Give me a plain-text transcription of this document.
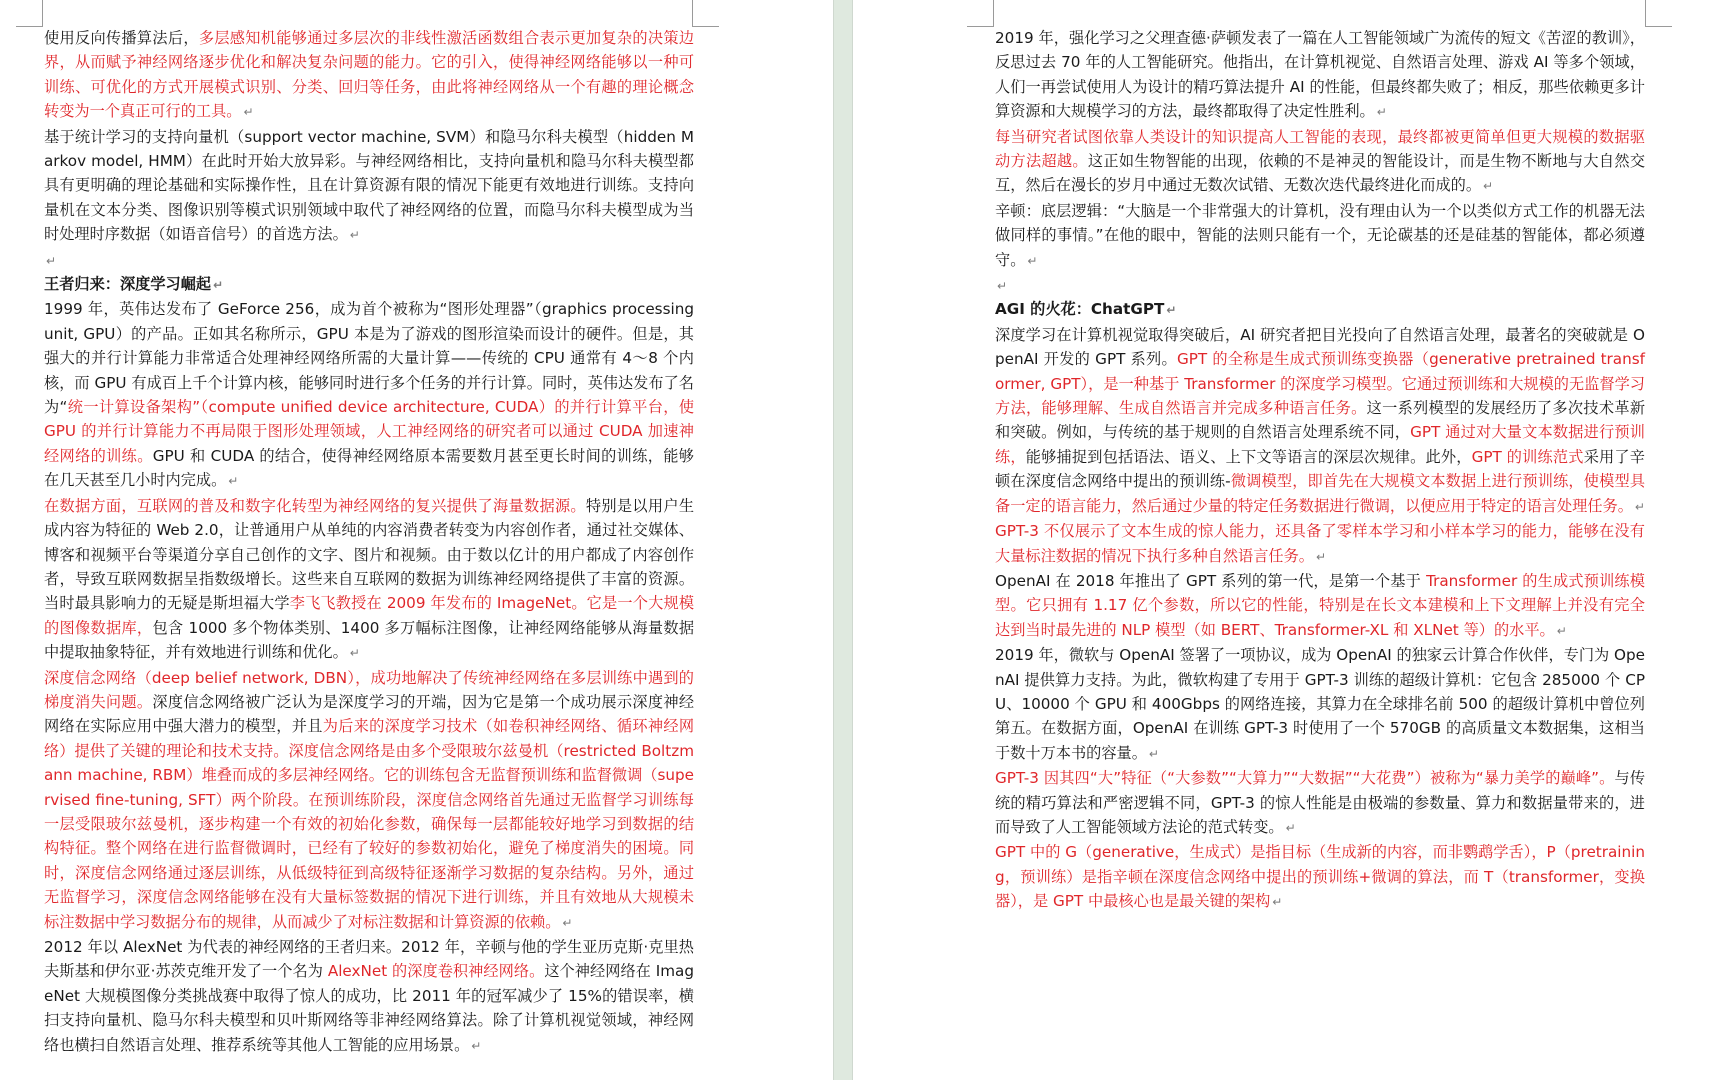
使用反向传播算法后，多层感知机能够通过多层次的非线性激活函数组合表示更加复杂的决策边界，从而赋予神经网络逐步优化和解决复杂问题的能力。它的引入，使得神经网络能够以一种可训练、可优化的方式开展模式识别、分类、回归等任务，由此将神经网络从一个有趣的理论概念转变为一个真正可行的工具。 ↵

基于统计学习的支持向量机（support vector machine, SVM）和隐马尔科夫模型（hidden Markov model, HMM）在此时开始大放异彩。与神经网络相比，支持向量机和隐马尔科夫模型都具有更明确的理论基础和实际操作性，且在计算资源有限的情况下能更有效地进行训练。支持向量机在文本分类、图像识别等模式识别领域中取代了神经网络的位置，而隐马尔科夫模型成为当时处理时序数据（如语音信号）的首选方法。 ↵

↵

王者归来：深度学习崛起 ↵

1999 年，英伟达发布了 GeForce 256，成为首个被称为“图形处理器”（graphics processing unit, GPU）的产品。正如其名称所示，GPU 本是为了游戏的图形渲染而设计的硬件。但是，其强大的并行计算能力非常适合处理神经网络所需的大量计算——传统的 CPU 通常有 4～8 个内核，而 GPU 有成百上千个计算内核，能够同时进行多个任务的并行计算。同时，英伟达发布了名为“统一计算设备架构”（compute unified device architecture, CUDA）的并行计算平台，使 GPU 的并行计算能力不再局限于图形处理领域，人工神经网络的研究者可以通过 CUDA 加速神经网络的训练。GPU 和 CUDA 的结合，使得神经网络原本需要数月甚至更长时间的训练，能够在几天甚至几小时内完成。 ↵

在数据方面，互联网的普及和数字化转型为神经网络的复兴提供了海量数据源。特别是以用户生成内容为特征的 Web 2.0，让普通用户从单纯的内容消费者转变为内容创作者，通过社交媒体、博客和视频平台等渠道分享自己创作的文字、图片和视频。由于数以亿计的用户都成了内容创作者，导致互联网数据呈指数级增长。这些来自互联网的数据为训练神经网络提供了丰富的资源。当时最具影响力的无疑是斯坦福大学李飞飞教授在 2009 年发布的 ImageNet。它是一个大规模的图像数据库，包含 1000 多个物体类别、1400 多万幅标注图像，让神经网络能够从海量数据中提取抽象特征，并有效地进行训练和优化。 ↵

深度信念网络（deep belief network, DBN），成功地解决了传统神经网络在多层训练中遇到的梯度消失问题。深度信念网络被广泛认为是深度学习的开端，因为它是第一个成功展示深度神经网络在实际应用中强大潜力的模型，并且为后来的深度学习技术（如卷积神经网络、循环神经网络）提供了关键的理论和技术支持。深度信念网络是由多个受限玻尔兹曼机（restricted Boltzmann machine, RBM）堆叠而成的多层神经网络。它的训练包含无监督预训练和监督微调（supervised fine-tuning, SFT）两个阶段。在预训练阶段，深度信念网络首先通过无监督学习训练每一层受限玻尔兹曼机，逐步构建一个有效的初始化参数，确保每一层都能较好地学习到数据的结构特征。整个网络在进行监督微调时，已经有了较好的参数初始化，避免了梯度消失的困境。同时，深度信念网络通过逐层训练，从低级特征到高级特征逐渐学习数据的复杂结构。另外，通过无监督学习，深度信念网络能够在没有大量标签数据的情况下进行训练，并且有效地从大规模未标注数据中学习数据分布的规律，从而减少了对标注数据和计算资源的依赖。 ↵

2012 年以 AlexNet 为代表的神经网络的王者归来。2012 年，辛顿与他的学生亚历克斯·克里热夫斯基和伊尔亚·苏茨克维开发了一个名为 AlexNet 的深度卷积神经网络。这个神经网络在 ImageNet 大规模图像分类挑战赛中取得了惊人的成功，比 2011 年的冠军减少了 15%的错误率，横扫支持向量机、隐马尔科夫模型和贝叶斯网络等非神经网络算法。除了计算机视觉领域，神经网络也横扫自然语言处理、推荐系统等其他人工智能的应用场景。 ↵

2019 年，强化学习之父理查德·萨顿发表了一篇在人工智能领域广为流传的短文《苦涩的教训》，反思过去 70 年的人工智能研究。他指出，在计算机视觉、自然语言处理、游戏 AI 等多个领域，人们一再尝试使用人为设计的精巧算法提升 AI 的性能，但最终都失败了；相反，那些依赖更多计算资源和大规模学习的方法，最终都取得了决定性胜利。 ↵

每当研究者试图依靠人类设计的知识提高人工智能的表现，最终都被更简单但更大规模的数据驱动方法超越。这正如生物智能的出现，依赖的不是神灵的智能设计，而是生物不断地与大自然交互，然后在漫长的岁月中通过无数次试错、无数次迭代最终进化而成的。 ↵

辛顿：底层逻辑：“大脑是一个非常强大的计算机，没有理由认为一个以类似方式工作的机器无法做同样的事情。”在他的眼中，智能的法则只能有一个，无论碳基的还是硅基的智能体，都必须遵守。 ↵

↵

AGI 的火花：ChatGPT ↵

深度学习在计算机视觉取得突破后，AI 研究者把目光投向了自然语言处理，最著名的突破就是 OpenAI 开发的 GPT 系列。GPT 的全称是生成式预训练变换器（generative pretrained transformer, GPT），是一种基于 Transformer 的深度学习模型。它通过预训练和大规模的无监督学习方法，能够理解、生成自然语言并完成多种语言任务。这一系列模型的发展经历了多次技术革新和突破。例如，与传统的基于规则的自然语言处理系统不同，GPT 通过对大量文本数据进行预训练，能够捕捉到包括语法、语义、上下文等语言的深层次规律。此外，GPT 的训练范式采用了辛顿在深度信念网络中提出的预训练-微调模型，即首先在大规模文本数据上进行预训练，使模型具备一定的语言能力，然后通过少量的特定任务数据进行微调，以便应用于特定的语言处理任务。 ↵

GPT-3 不仅展示了文本生成的惊人能力，还具备了零样本学习和小样本学习的能力，能够在没有大量标注数据的情况下执行多种自然语言任务。 ↵

OpenAI 在 2018 年推出了 GPT 系列的第一代，是第一个基于 Transformer 的生成式预训练模型。它只拥有 1.17 亿个参数，所以它的性能，特别是在长文本建模和上下文理解上并没有完全达到当时最先进的 NLP 模型（如 BERT、Transformer-XL 和 XLNet 等）的水平。 ↵

2019 年，微软与 OpenAI 签署了一项协议，成为 OpenAI 的独家云计算合作伙伴，专门为 OpenAI 提供算力支持。为此，微软构建了专用于 GPT-3 训练的超级计算机：它包含 285000 个 CPU、10000 个 GPU 和 400Gbps 的网络连接，其算力在全球排名前 500 的超级计算机中曾位列第五。在数据方面，OpenAI 在训练 GPT-3 时使用了一个 570GB 的高质量文本数据集，这相当于数十万本书的容量。 ↵

GPT-3 因其四“大”特征（“大参数”“大算力”“大数据”“大花费”）被称为“暴力美学的巅峰”。与传统的精巧算法和严密逻辑不同，GPT-3 的惊人性能是由极端的参数量、算力和数据量带来的，进而导致了人工智能领域方法论的范式转变。 ↵

GPT 中的 G（generative，生成式）是指目标（生成新的内容，而非鹦鹉学舌），P（pretraining，预训练）是指辛顿在深度信念网络中提出的预训练+微调的算法，而 T（transformer，变换器），是 GPT 中最核心也是最关键的架构 ↵
